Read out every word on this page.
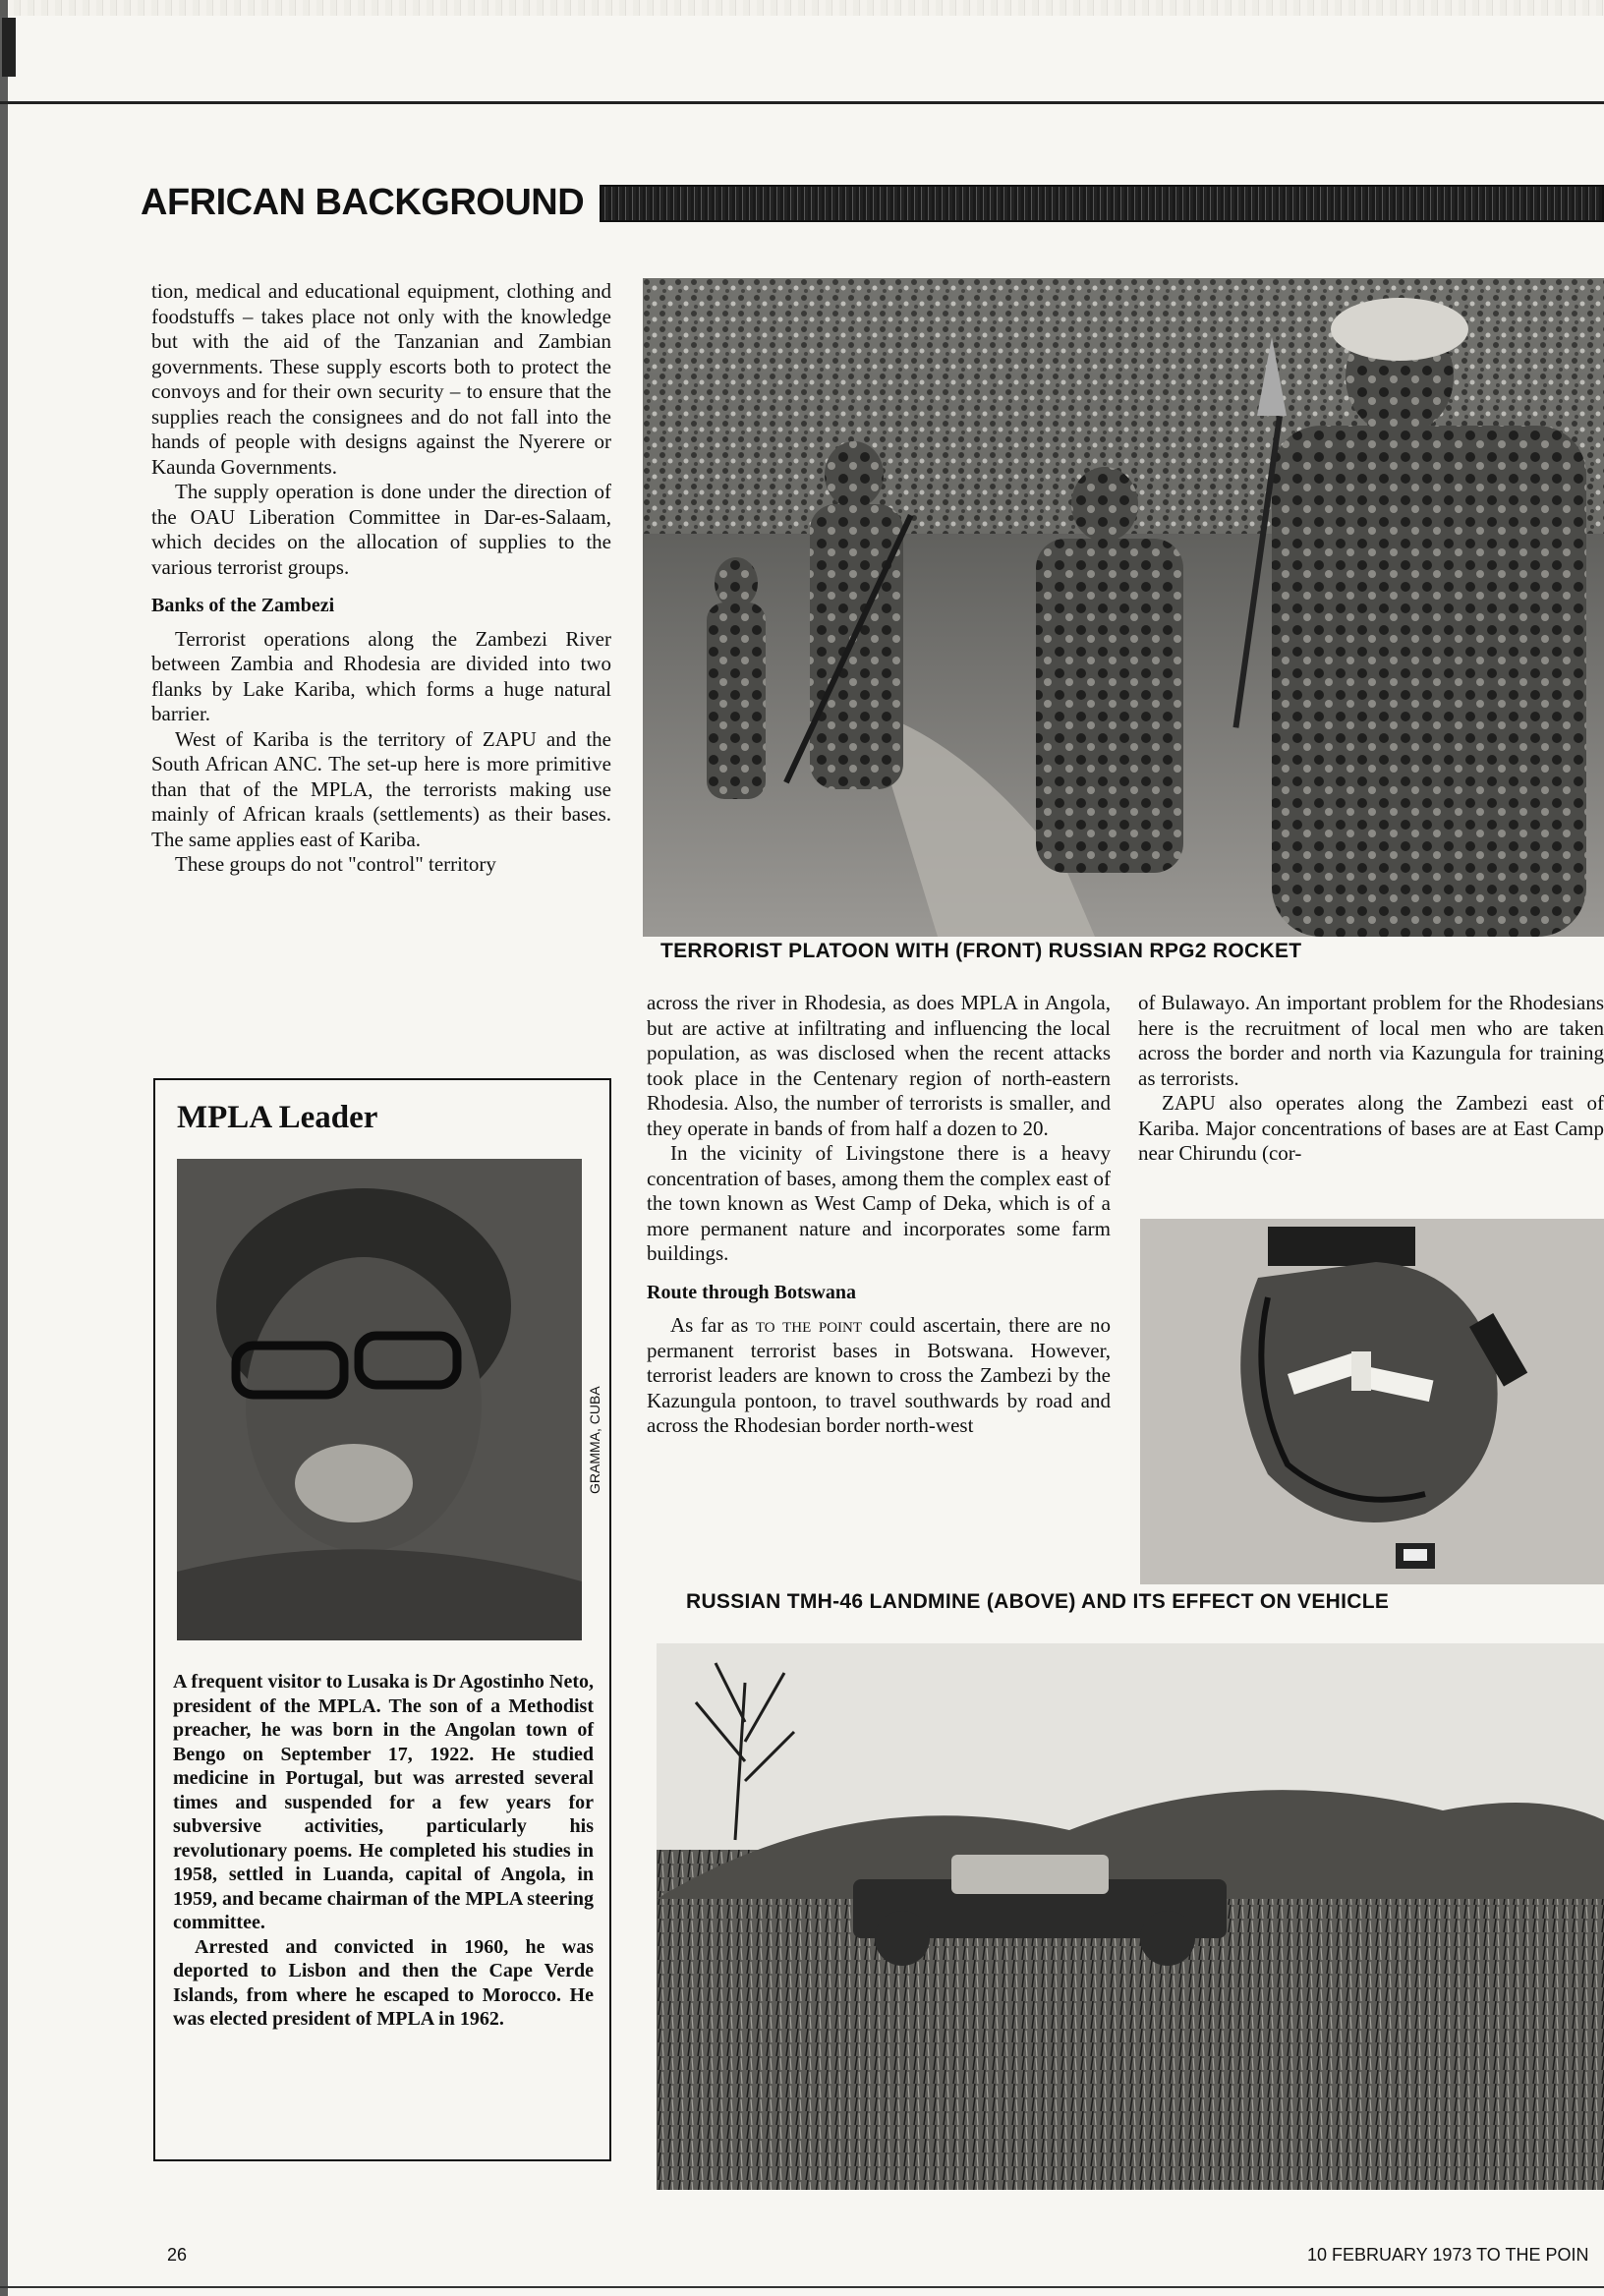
AFRICAN BACKGROUND

tion, medical and educational equipment, clothing and foodstuffs – takes place not only with the knowledge but with the aid of the Tanzanian and Zambian governments. These supply escorts both to protect the convoys and for their own security – to ensure that the supplies reach the consignees and do not fall into the hands of people with designs against the Nyerere or Kaunda Governments.

The supply operation is done under the direction of the OAU Liberation Committee in Dar-es-Salaam, which decides on the allocation of supplies to the various terrorist groups.

Banks of the Zambezi

Terrorist operations along the Zambezi River between Zambia and Rhodesia are divided into two flanks by Lake Kariba, which forms a huge natural barrier.

West of Kariba is the territory of ZAPU and the South African ANC. The set-up here is more primitive than that of the MPLA, the terrorists making use mainly of African kraals (settlements) as their bases. The same applies east of Kariba.

These groups do not "control" territory

TERRORIST PLATOON WITH (FRONT) RUSSIAN RPG2 ROCKET

across the river in Rhodesia, as does MPLA in Angola, but are active at infiltrating and influencing the local population, as was disclosed when the recent attacks took place in the Centenary region of north-eastern Rhodesia. Also, the number of terrorists is smaller, and they operate in bands of from half a dozen to 20.

In the vicinity of Livingstone there is a heavy concentration of bases, among them the complex east of the town known as West Camp of Deka, which is of a more permanent nature and incorporates some farm buildings.

Route through Botswana

As far as to the point could ascertain, there are no permanent terrorist bases in Botswana. However, terrorist leaders are known to cross the Zambezi by the Kazungula pontoon, to travel southwards by road and across the Rhodesian border north-west

of Bulawayo. An important problem for the Rhodesians here is the recruitment of local men who are taken across the border and north via Kazungula for training as terrorists.

ZAPU also operates along the Zambezi east of Kariba. Major concentrations of bases are at East Camp near Chirundu (cor-

RUSSIAN TMH-46 LANDMINE (ABOVE) AND ITS EFFECT ON VEHICLE
MPLA Leader

A frequent visitor to Lusaka is Dr Agostinho Neto, president of the MPLA. The son of a Methodist preacher, he was born in the Angolan town of Bengo on September 17, 1922. He studied medicine in Portugal, but was arrested several times and suspended for a few years for subversive activities, particularly his revolutionary poems. He completed his studies in 1958, settled in Luanda, capital of Angola, in 1959, and became chairman of the MPLA steering committee.

Arrested and convicted in 1960, he was deported to Lisbon and then the Cape Verde Islands, from where he escaped to Morocco. He was elected president of MPLA in 1962.

GRAMMA, CUBA
26	10 FEBRUARY 1973 TO THE POIN
